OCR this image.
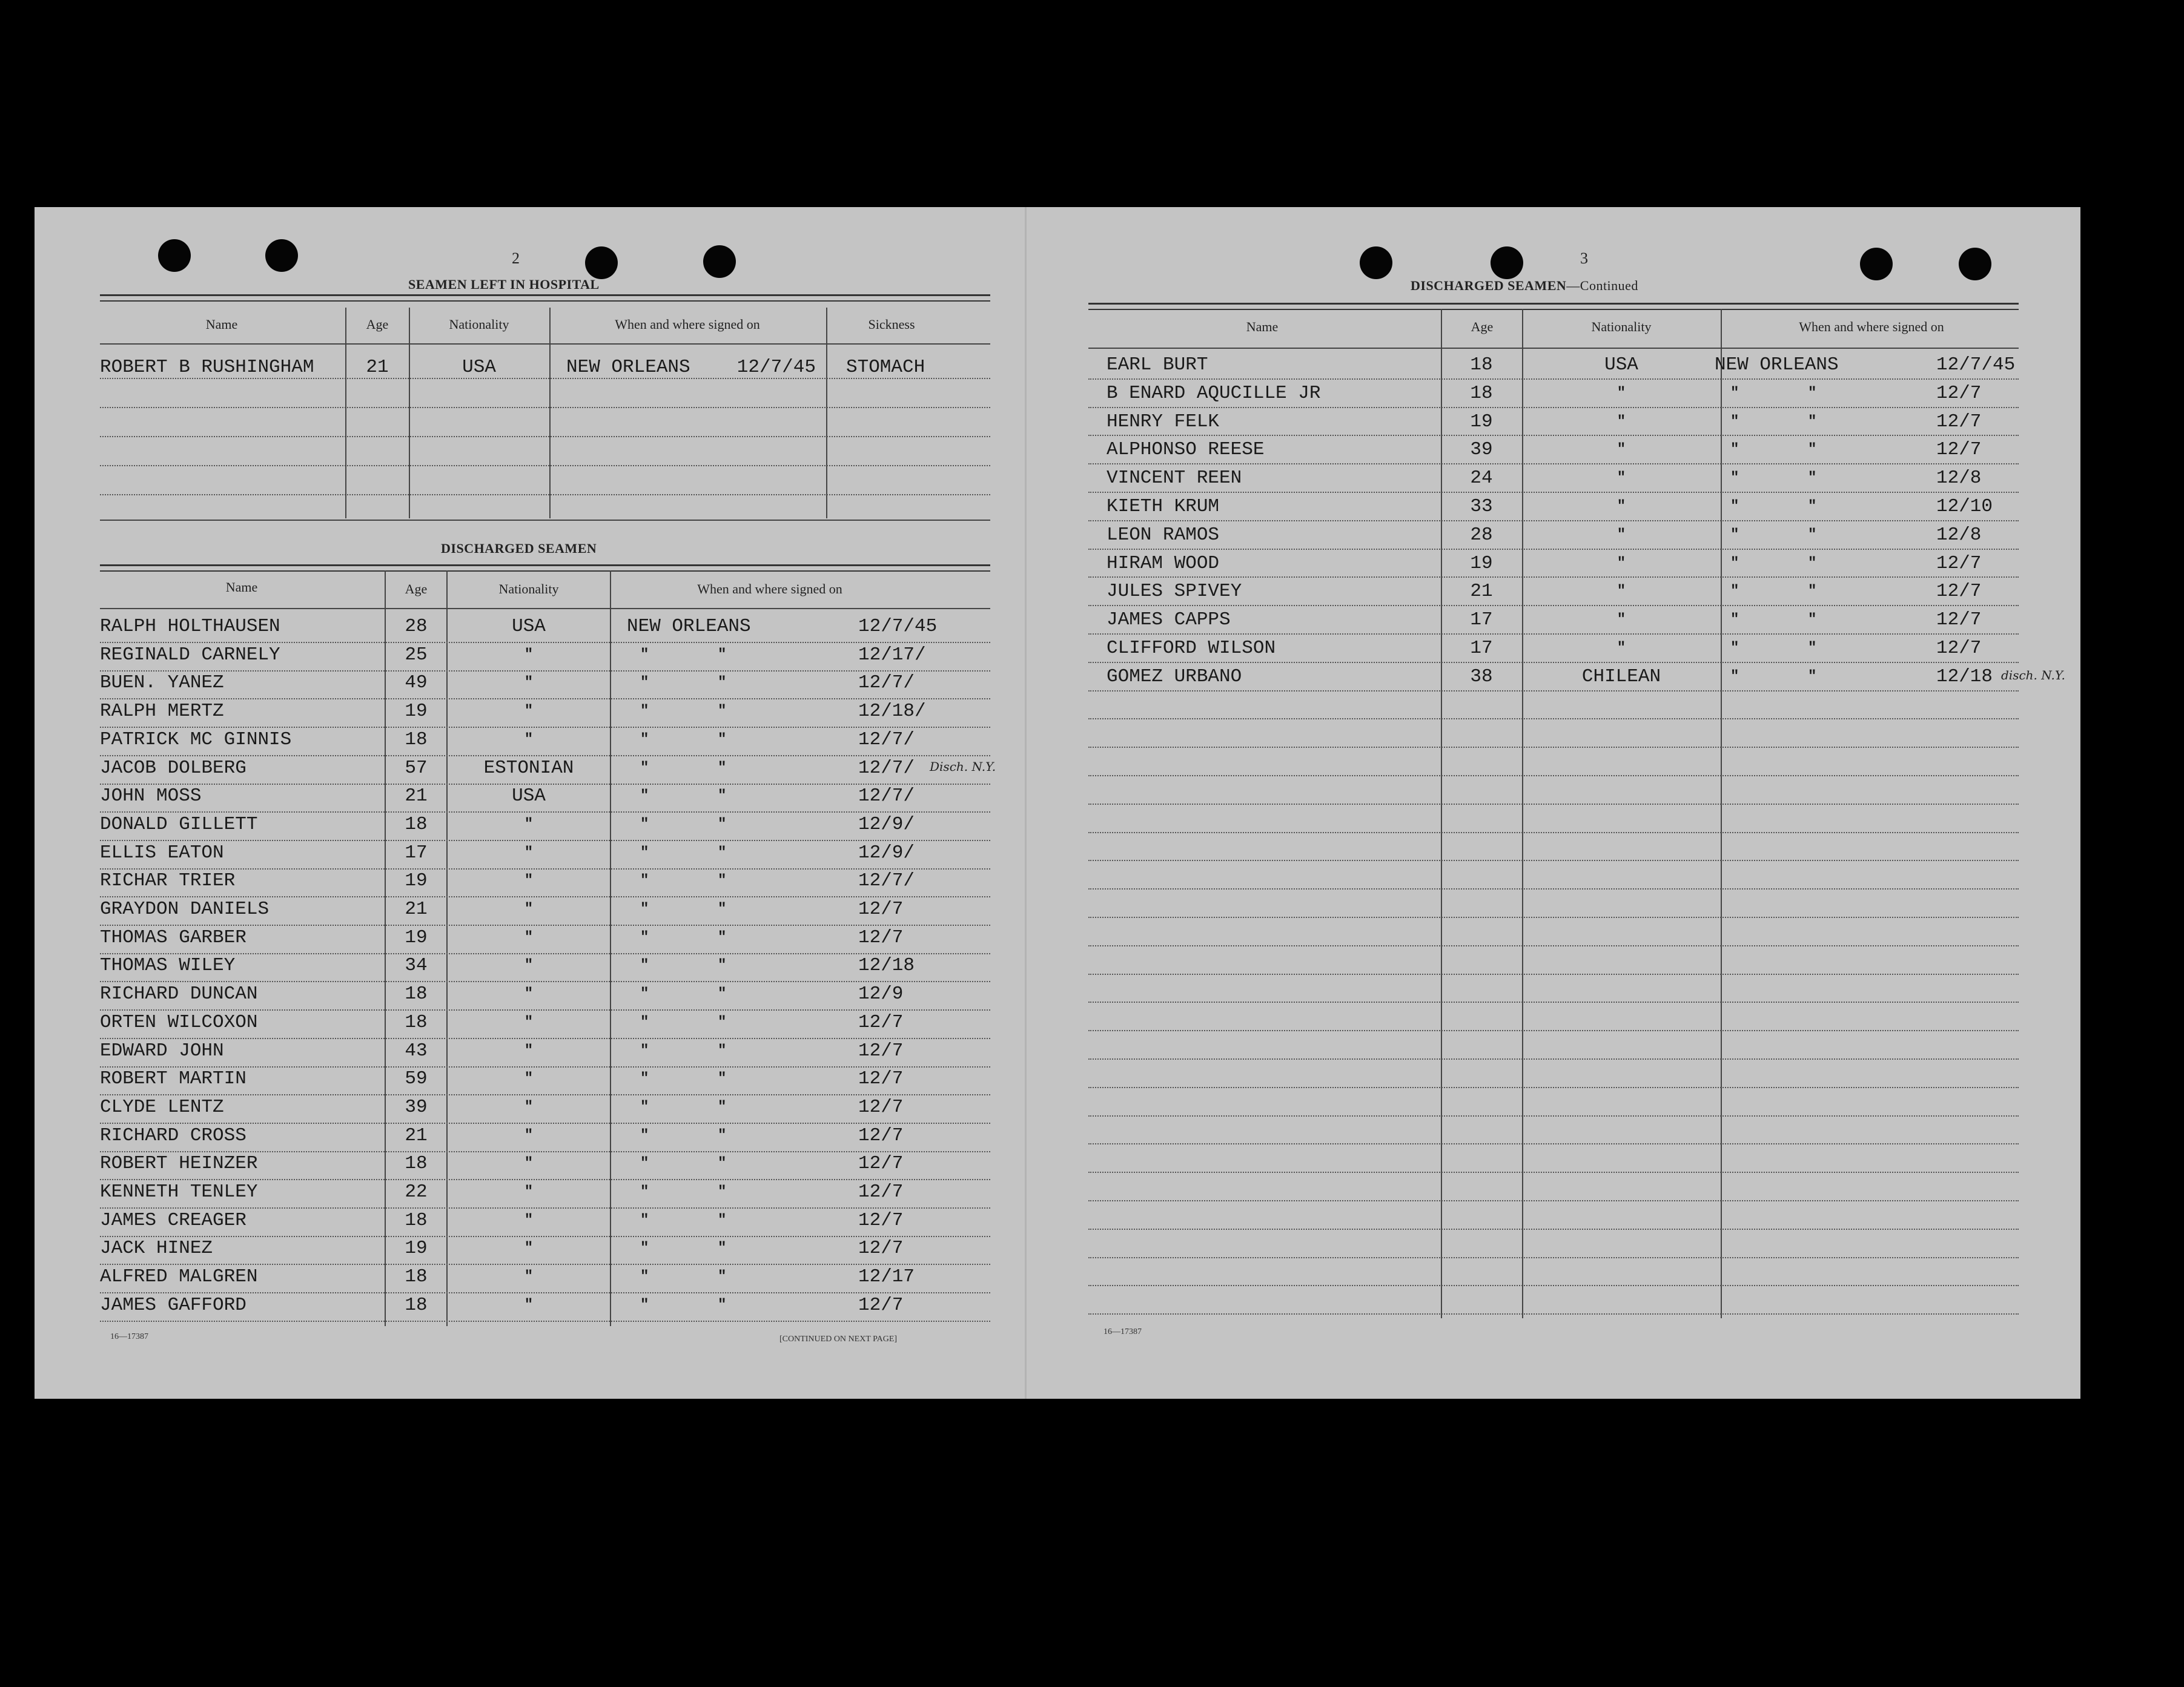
2
SEAMEN LEFT IN HOSPITAL
Name	Age	Nationality	When and where signed on	Sickness
ROBERT B RUSHINGHAM	21	USA	NEW ORLEANS	12/7/45 STOMACH
DISCHARGED SEAMEN
Name	Age	Nationality	When and where signed on
RALPH HOLTHAUSEN	28	USA	NEW ORLEANS	12/7/45
REGINALD CARNELY	25	"	"	"	12/17/
BUEN. YANEZ	49	"	"	"	12/7/
RALPH MERTZ	19	"	"	"	12/18/
PATRICK MC GINNIS	18	"	"	"	12/7/
JACOB DOLBERG	57	ESTONIAN	"	"	12/7/ Disch. N.Y.
JOHN MOSS	21	USA	"	"	12/7/
DONALD GILLETT	18	"	"	"	12/9/
ELLIS EATON	17	"	"	"	12/9/
RICHAR TRIER	19	"	"	"	12/7/
GRAYDON DANIELS	21	"	"	"	12/7
THOMAS GARBER	19	"	"	"	12/7
THOMAS WILEY	34	"	"	"	12/18
RICHARD DUNCAN	18	"	"	"	12/9
ORTEN WILCOXON	18	"	"	"	12/7
EDWARD JOHN	43	"	"	"	12/7
ROBERT MARTIN	59	"	"	"	12/7
CLYDE LENTZ	39	"	"	"	12/7
RICHARD CROSS	21	"	"	"	12/7
ROBERT HEINZER	18	"	"	"	12/7
KENNETH TENLEY	22	"	"	"	12/7
JAMES CREAGER	18	"	"	"	12/7
JACK HINEZ	19	"	"	"	12/7
ALFRED MALGREN	18	"	"	"	12/17
JAMES GAFFORD	18	"	"	"	12/7
16—17387	[CONTINUED ON NEXT PAGE]
3
DISCHARGED SEAMEN—Continued
Name	Age	Nationality	When and where signed on
EARL BURT	18	USA	NEW ORLEANS	12/7/45
B ENARD AQUCILLE JR	18	"	"	"	12/7
HENRY FELK	19	"	"	"	12/7
ALPHONSO REESE	39	"	"	"	12/7
VINCENT REEN	24	"	"	"	12/8
KIETH KRUM	33	"	"	"	12/10
LEON RAMOS	28	"	"	"	12/8
HIRAM WOOD	19	"	"	"	12/7
JULES SPIVEY	21	"	"	"	12/7
JAMES CAPPS	17	"	"	"	12/7
CLIFFORD WILSON	17	"	"	"	12/7
GOMEZ URBANO	38	CHILEAN	"	"	12/18 disch. N.Y.
16—17387
